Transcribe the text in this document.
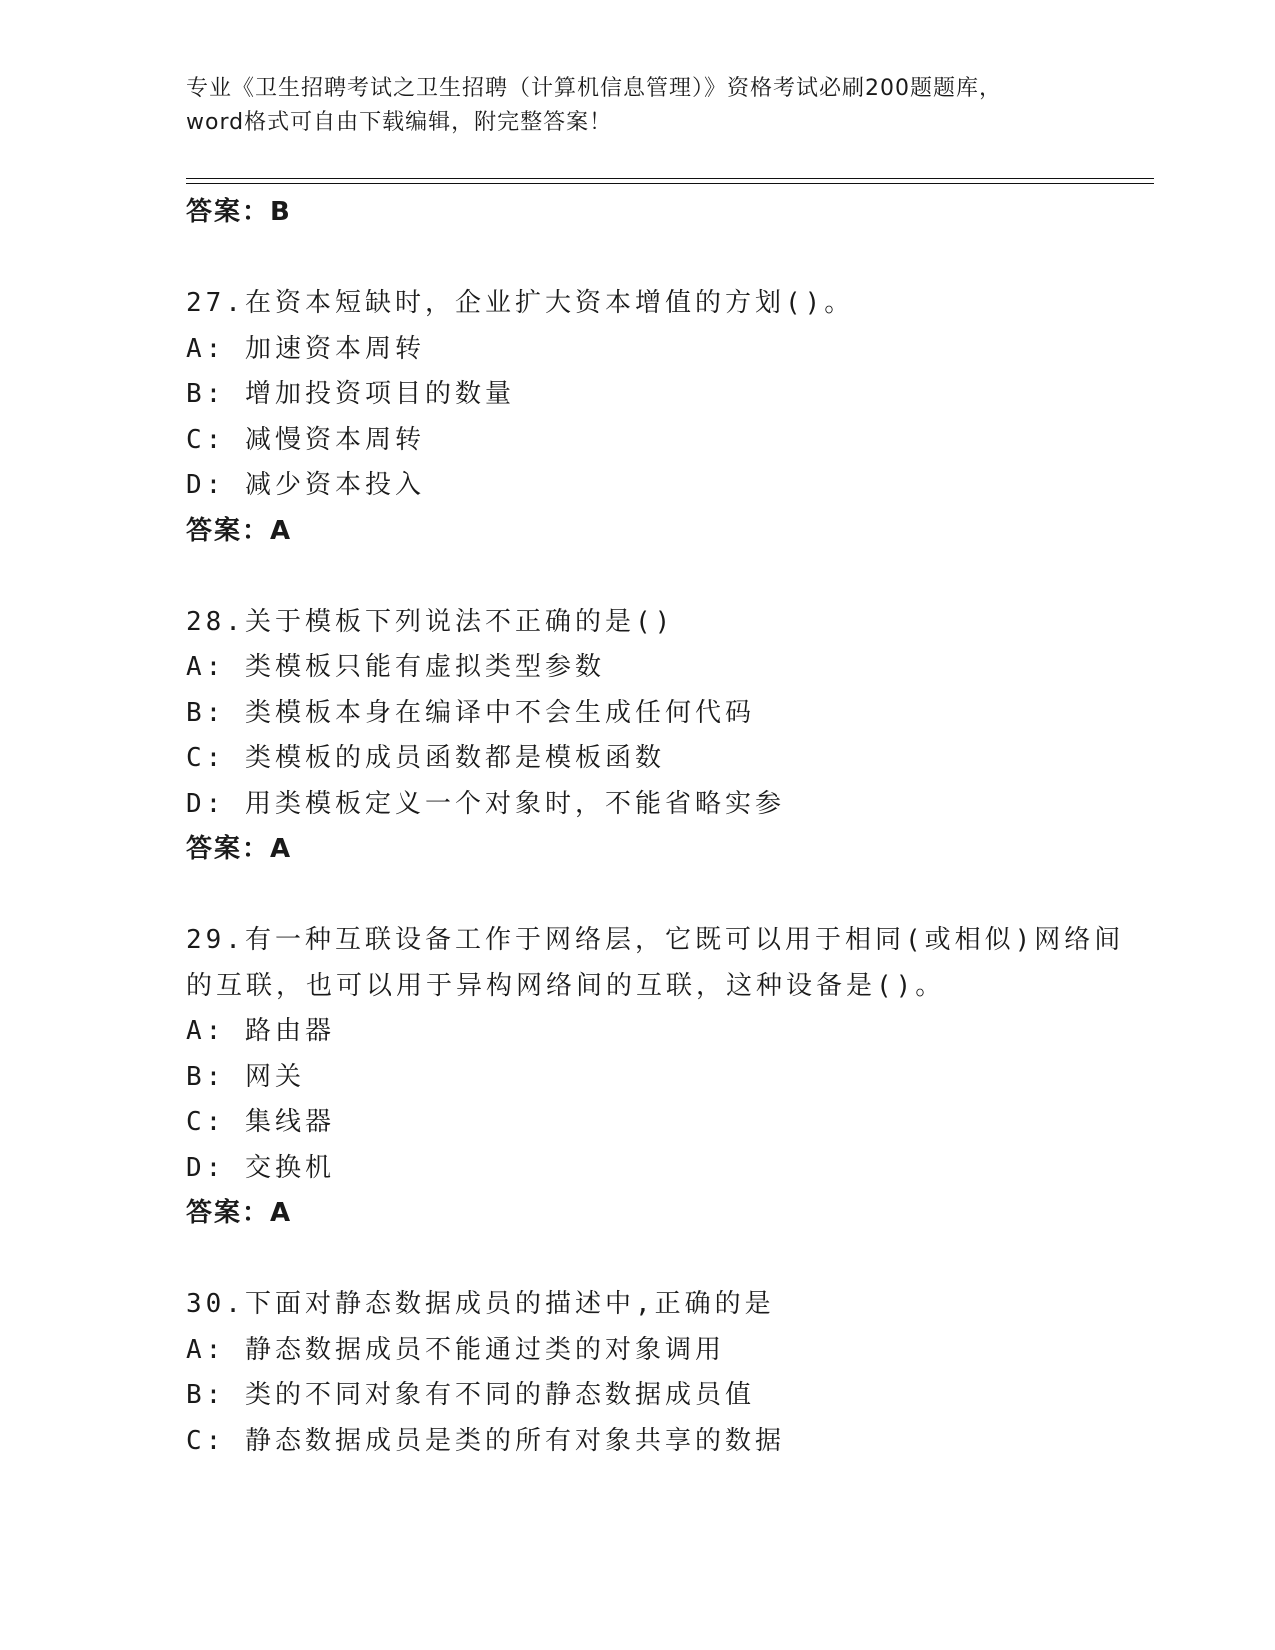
专业《卫生招聘考试之卫生招聘（计算机信息管理）》资格考试必刷200题题库，
word格式可自由下载编辑，附完整答案！
答案：B
27.在资本短缺时，企业扩大资本增值的方划()。
A: 加速资本周转
B: 增加投资项目的数量
C: 减慢资本周转
D: 减少资本投入
答案：A
28.关于模板下列说法不正确的是()
A: 类模板只能有虚拟类型参数
B: 类模板本身在编译中不会生成任何代码
C: 类模板的成员函数都是模板函数
D: 用类模板定义一个对象时，不能省略实参
答案：A
29.有一种互联设备工作于网络层，它既可以用于相同(或相似)网络间
的互联，也可以用于异构网络间的互联，这种设备是()。
A: 路由器
B: 网关
C: 集线器
D: 交换机
答案：A
30.下面对静态数据成员的描述中,正确的是
A: 静态数据成员不能通过类的对象调用
B: 类的不同对象有不同的静态数据成员值
C: 静态数据成员是类的所有对象共享的数据
